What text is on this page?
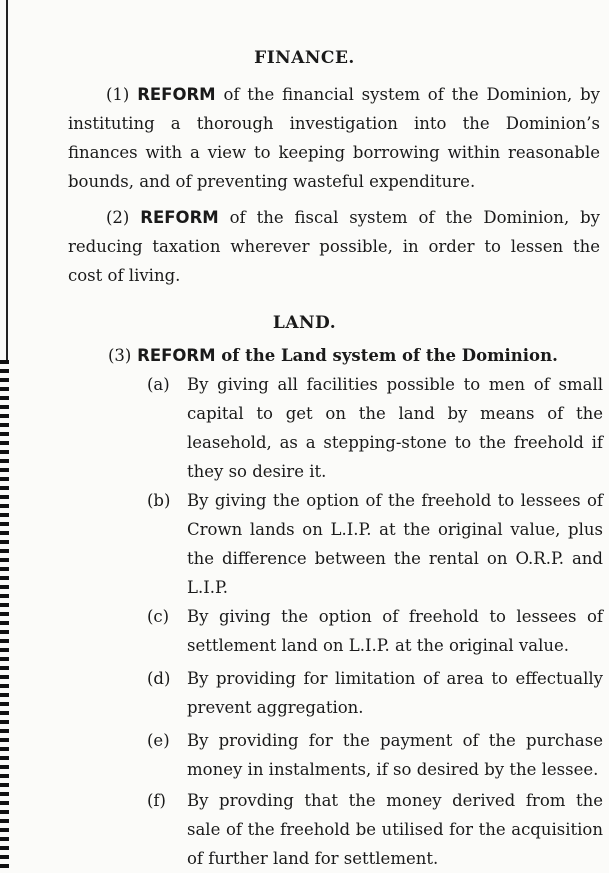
FINANCE.

(1) REFORM of the financial system of the Dominion, by instituting a thorough investigation into the Dominion’s finances with a view to keeping borrowing within reasonable bounds, and of preventing wasteful expenditure.

(2) REFORM of the fiscal system of the Dominion, by reducing taxation wherever possible, in order to lessen the cost of living.

LAND.

(3) REFORM of the Land system of the Dominion.

(a) By giving all facilities possible to men of small capital to get on the land by means of the leasehold, as a stepping-stone to the freehold if they so desire it.

(b) By giving the option of the freehold to lessees of Crown lands on L.I.P. at the original value, plus the difference between the rental on O.R.P. and L.I.P.

(c) By giving the option of freehold to lessees of settlement land on L.I.P. at the original value.

(d) By providing for limitation of area to effectually prevent aggregation.

(e) By providing for the payment of the purchase money in instalments, if so desired by the lessee.

(f) By provding that the money derived from the sale of the freehold be utilised for the acquisition of further land for settlement.
